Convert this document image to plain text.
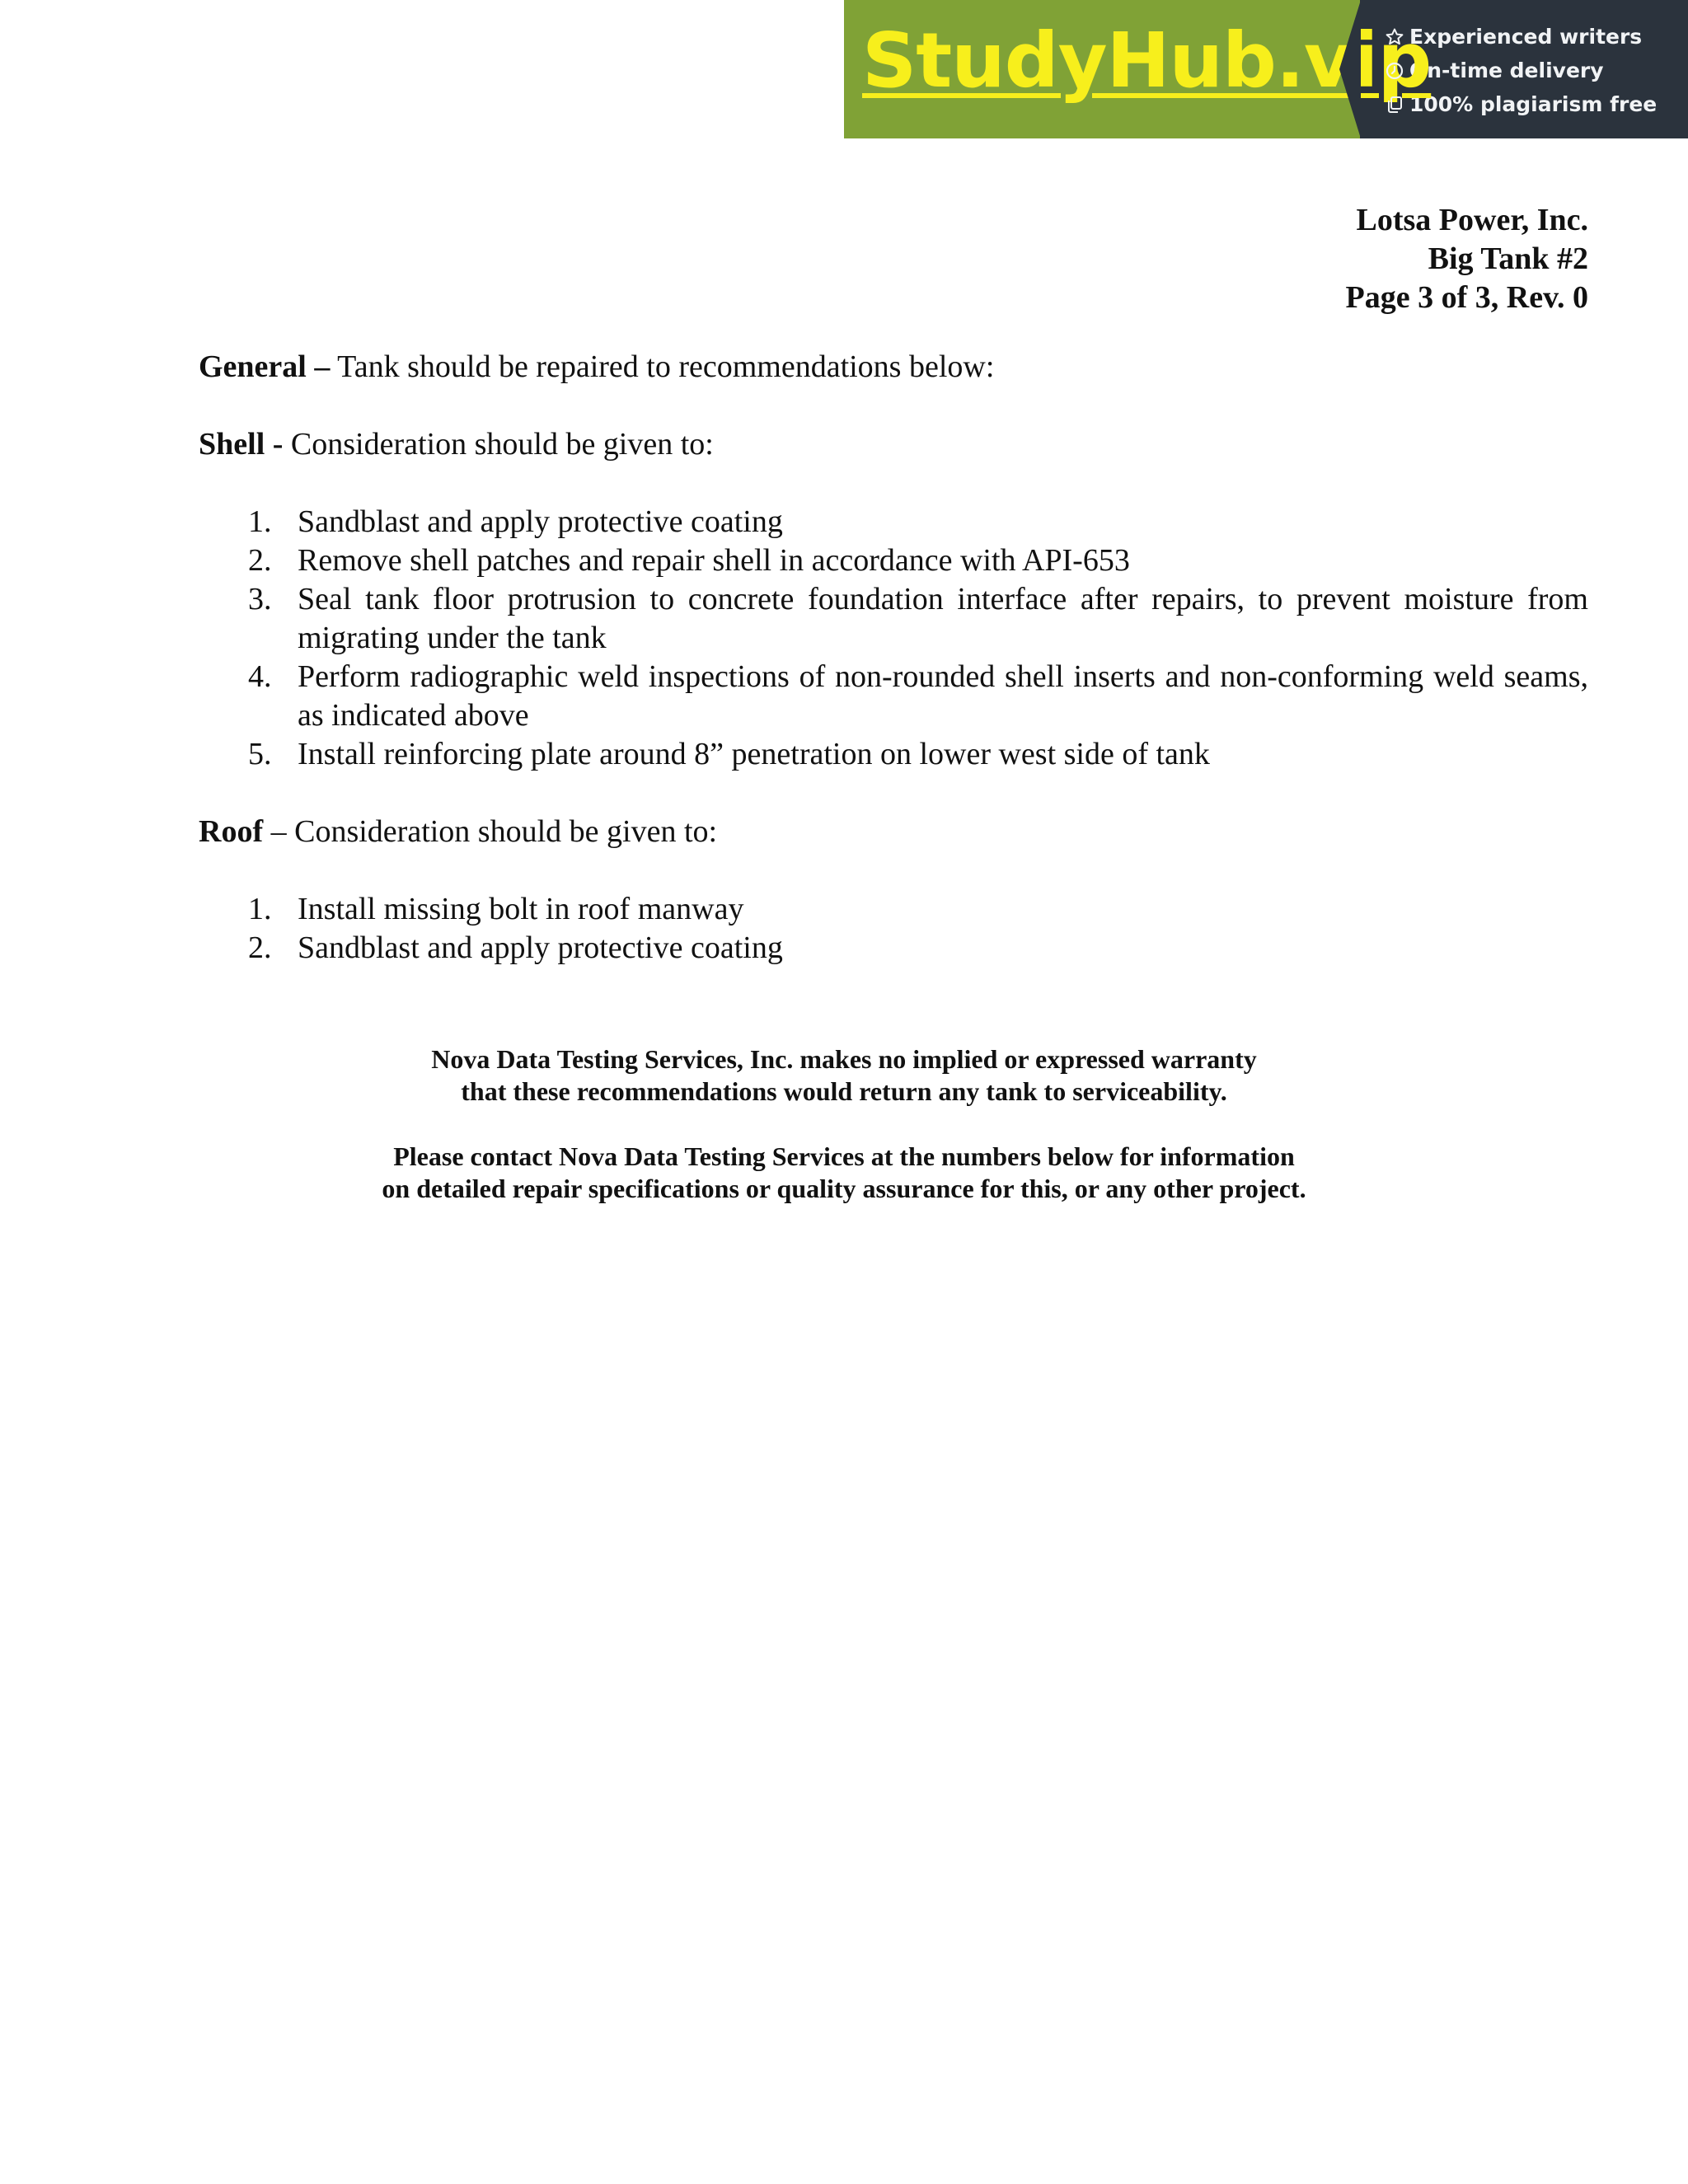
StudyHub.vip
Experienced writers
On-time delivery
100% plagiarism free
Lotsa Power, Inc.
Big Tank #2
Page 3 of 3, Rev. 0

General – Tank should be repaired to recommendations below:

Shell - Consideration should be given to:

1. Sandblast and apply protective coating
2. Remove shell patches and repair shell in accordance with API-653
3. Seal tank floor protrusion to concrete foundation interface after repairs, to prevent moisture from migrating under the tank
4. Perform radiographic weld inspections of non-rounded shell inserts and non-conforming weld seams, as indicated above
5. Install reinforcing plate around 8” penetration on lower west side of tank

Roof – Consideration should be given to:

1. Install missing bolt in roof manway
2. Sandblast and apply protective coating
Nova Data Testing Services, Inc. makes no implied or expressed warranty
that these recommendations would return any tank to serviceability.
Please contact Nova Data Testing Services at the numbers below for information
on detailed repair specifications or quality assurance for this, or any other project.
